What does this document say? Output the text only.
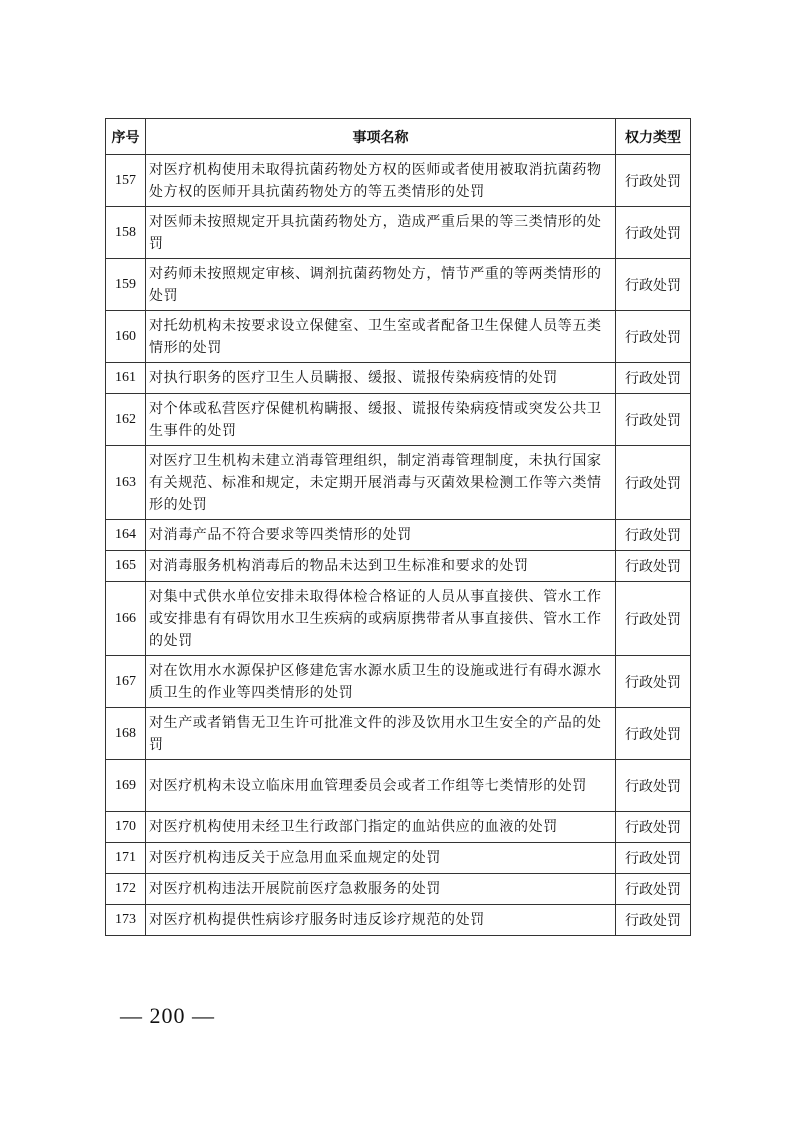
序号	事项名称	权力类型
157	对医疗机构使用未取得抗菌药物处方权的医师或者使用被取消抗菌药物处方权的医师开具抗菌药物处方的等五类情形的处罚	行政处罚
158	对医师未按照规定开具抗菌药物处方，造成严重后果的等三类情形的处罚	行政处罚
159	对药师未按照规定审核、调剂抗菌药物处方，情节严重的等两类情形的处罚	行政处罚
160	对托幼机构未按要求设立保健室、卫生室或者配备卫生保健人员等五类情形的处罚	行政处罚
161	对执行职务的医疗卫生人员瞒报、缓报、谎报传染病疫情的处罚	行政处罚
162	对个体或私营医疗保健机构瞒报、缓报、谎报传染病疫情或突发公共卫生事件的处罚	行政处罚
163	对医疗卫生机构未建立消毒管理组织，制定消毒管理制度，未执行国家有关规范、标准和规定，未定期开展消毒与灭菌效果检测工作等六类情形的处罚	行政处罚
164	对消毒产品不符合要求等四类情形的处罚	行政处罚
165	对消毒服务机构消毒后的物品未达到卫生标准和要求的处罚	行政处罚
166	对集中式供水单位安排未取得体检合格证的人员从事直接供、管水工作或安排患有有碍饮用水卫生疾病的或病原携带者从事直接供、管水工作的处罚	行政处罚
167	对在饮用水水源保护区修建危害水源水质卫生的设施或进行有碍水源水质卫生的作业等四类情形的处罚	行政处罚
168	对生产或者销售无卫生许可批准文件的涉及饮用水卫生安全的产品的处罚	行政处罚
169	对医疗机构未设立临床用血管理委员会或者工作组等七类情形的处罚	行政处罚
170	对医疗机构使用未经卫生行政部门指定的血站供应的血液的处罚	行政处罚
171	对医疗机构违反关于应急用血采血规定的处罚	行政处罚
172	对医疗机构违法开展院前医疗急救服务的处罚	行政处罚
173	对医疗机构提供性病诊疗服务时违反诊疗规范的处罚	行政处罚
— 200 —
